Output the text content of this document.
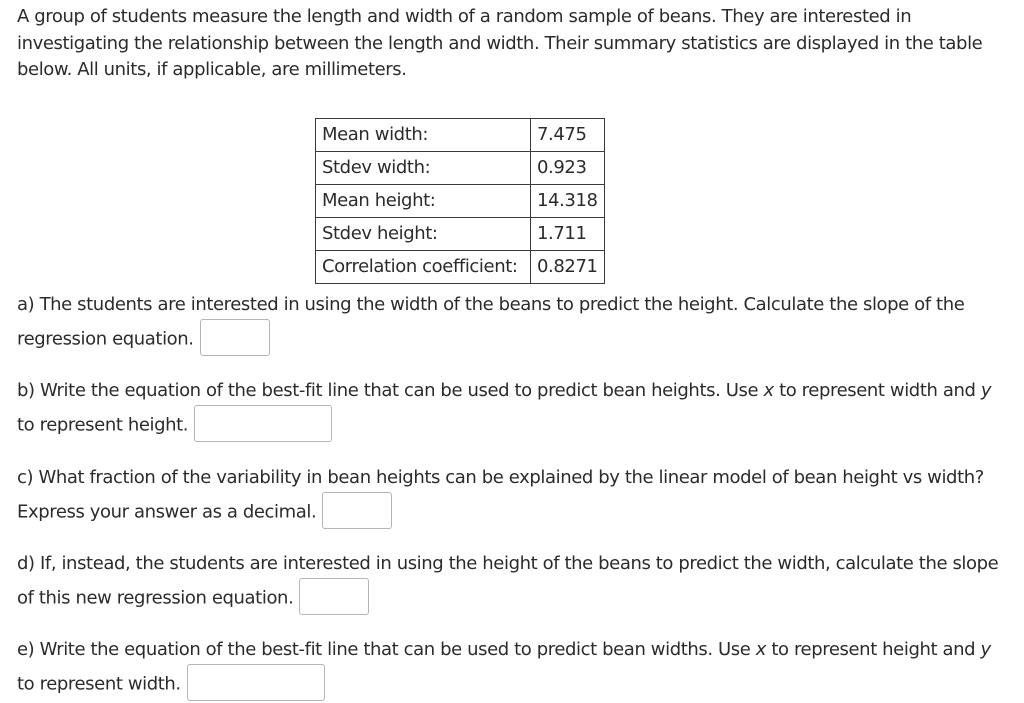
A group of students measure the length and width of a random sample of beans. They are interested in investigating the relationship between the length and width. Their summary statistics are displayed in the table below. All units, if applicable, are millimeters.

Mean width:	7.475
Stdev width:	0.923
Mean height:	14.318
Stdev height:	1.711
Correlation coefficient:	0.8271

a) The students are interested in using the width of the beans to predict the height. Calculate the slope of the regression equation.

b) Write the equation of the best-fit line that can be used to predict bean heights. Use x to represent width and y to represent height.

c) What fraction of the variability in bean heights can be explained by the linear model of bean height vs width? Express your answer as a decimal.

d) If, instead, the students are interested in using the height of the beans to predict the width, calculate the slope of this new regression equation.

e) Write the equation of the best-fit line that can be used to predict bean widths. Use x to represent height and y to represent width.
